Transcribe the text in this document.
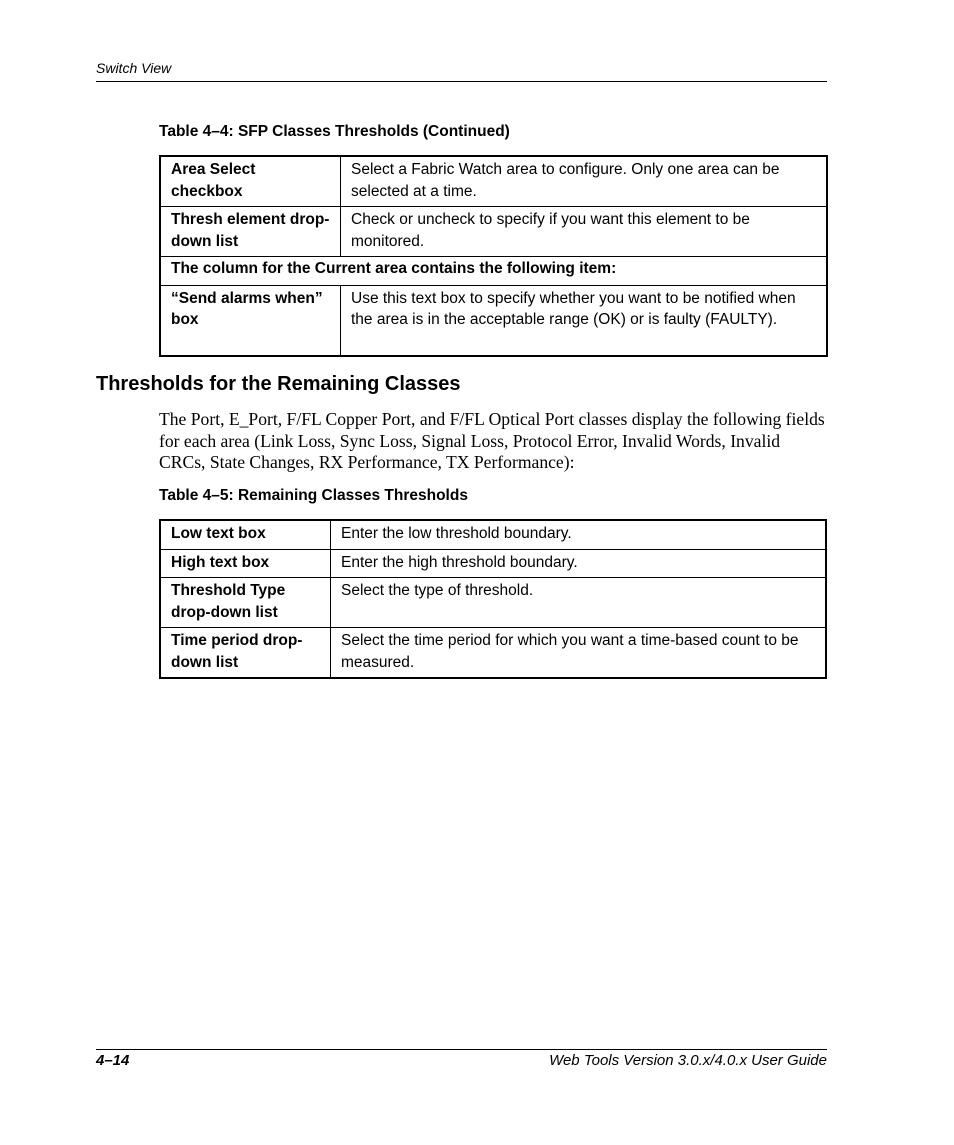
Switch View
Table 4–4: SFP Classes Thresholds (Continued)
Area Select checkbox	Select a Fabric Watch area to configure. Only one area can be selected at a time.
Thresh element drop-down list	Check or uncheck to specify if you want this element to be monitored.
The column for the Current area contains the following item:	
“Send alarms when” box	Use this text box to specify whether you want to be notified when the area is in the acceptable range (OK) or is faulty (FAULTY).
Thresholds for the Remaining Classes
The Port, E_Port, F/FL Copper Port, and F/FL Optical Port classes display the following fields for each area (Link Loss, Sync Loss, Signal Loss, Protocol Error, Invalid Words, Invalid CRCs, State Changes, RX Performance, TX Performance):
Table 4–5: Remaining Classes Thresholds
Low text box	Enter the low threshold boundary.
High text box	Enter the high threshold boundary.
Threshold Type drop-down list	Select the type of threshold.
Time period drop-down list	Select the time period for which you want a time-based count to be measured.
4–14	Web Tools Version 3.0.x/4.0.x User Guide
